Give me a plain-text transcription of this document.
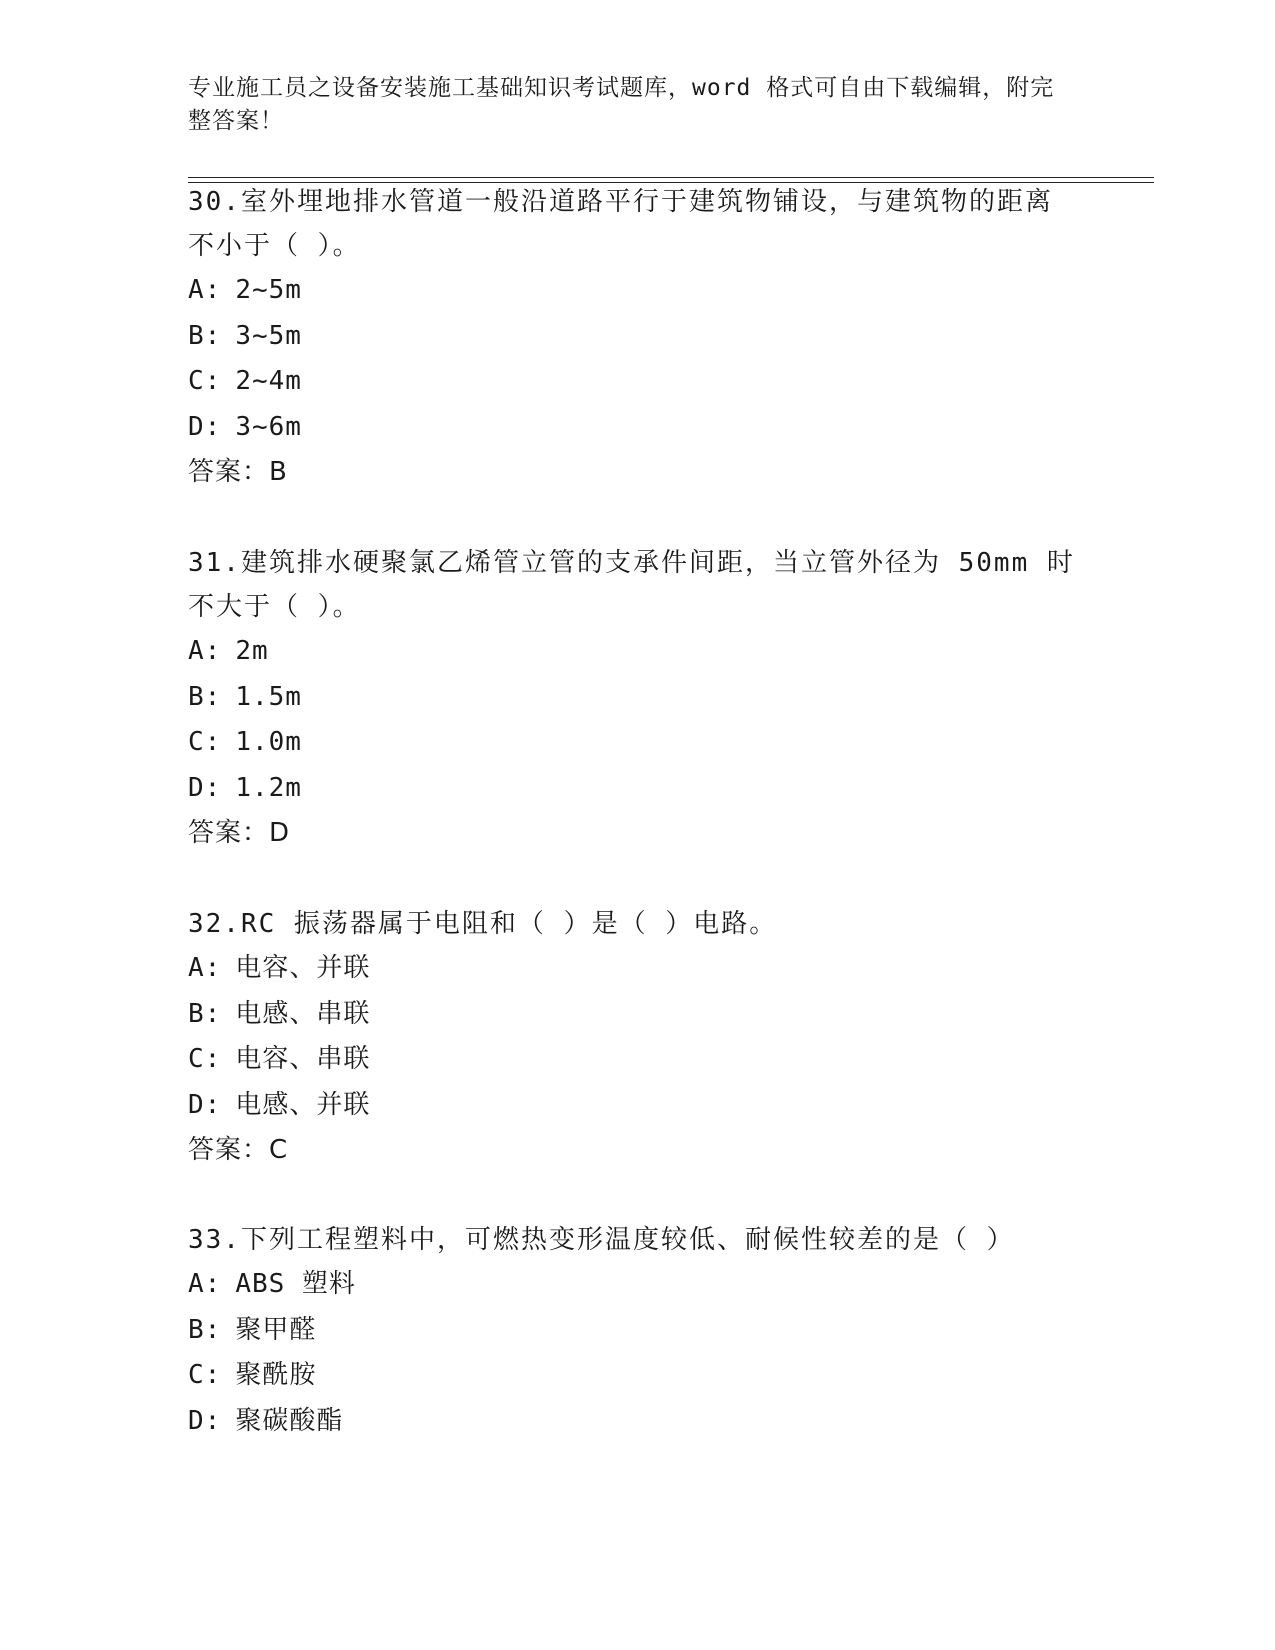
专业施工员之设备安装施工基础知识考试题库，word 格式可自由下载编辑，附完
整答案！
30.室外埋地排水管道一般沿道路平行于建筑物铺设，与建筑物的距离
不小于（ ）。
A: 2~5m
B: 3~5m
C: 2~4m
D: 3~6m
答案：B
31.建筑排水硬聚氯乙烯管立管的支承件间距，当立管外径为 50mm 时
不大于（ ）。
A: 2m
B: 1.5m
C: 1.0m
D: 1.2m
答案：D
32.RC 振荡器属于电阻和（ ）是（ ）电路。
A: 电容、并联
B: 电感、串联
C: 电容、串联
D: 电感、并联
答案：C
33.下列工程塑料中，可燃热变形温度较低、耐候性较差的是（ ）
A: ABS 塑料
B: 聚甲醛
C: 聚酰胺
D: 聚碳酸酯
